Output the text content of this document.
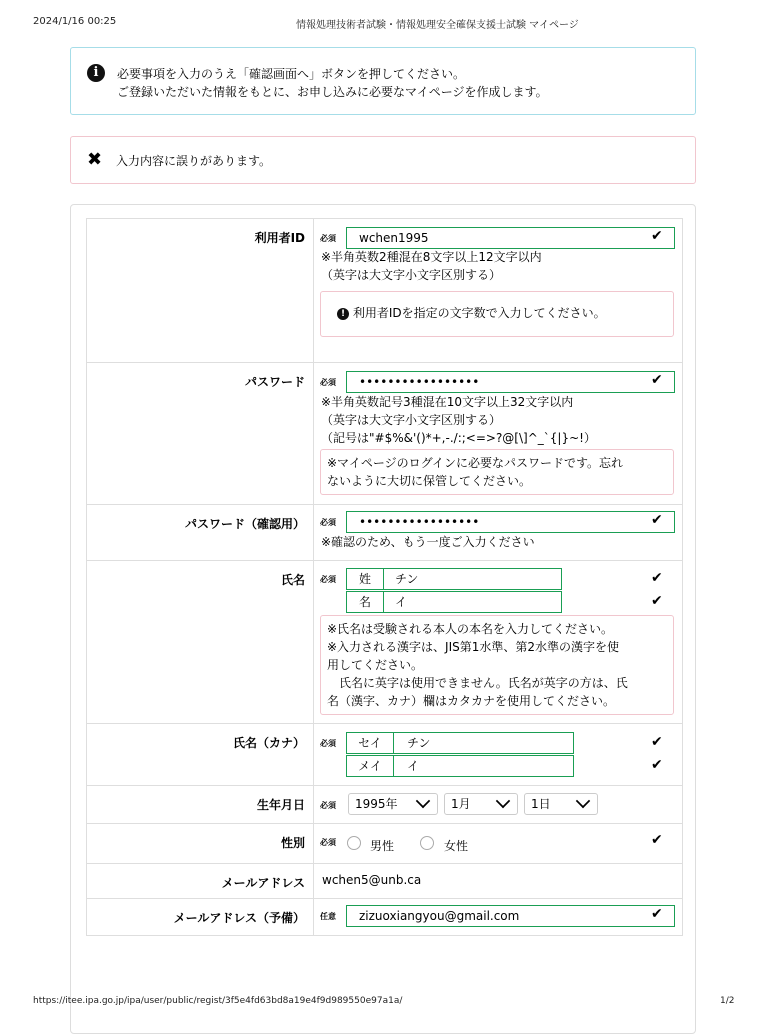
2024/1/16 00:25	情報処理技術者試験・情報処理安全確保支援士試験 マイページ
i	必要事項を入力のうえ「確認画面へ」ボタンを押してください。
ご登録いただいた情報をもとに、お申し込みに必要なマイページを作成します。
✖ 入力内容に誤りがあります。
利用者ID	必須	wchen1995	✔
※半角英数2種混在8文字以上12文字以内
（英字は大文字小文字区別する）
! 利用者IDを指定の文字数で入力してください。
パスワード	必須	•••••••••••••••••	✔
※半角英数記号3種混在10文字以上32文字以内
（英字は大文字小文字区別する）
（記号は"#$%&'()*+,-./:;<=>?@[\]^_`{|}~!）
※マイページのログインに必要なパスワードです。忘れ
ないように大切に保管してください。
パスワード（確認用）	必須	•••••••••••••••••	✔
※確認のため、もう一度ご入力ください
氏名	必須	姓	チン	✔
名	イ	✔
※氏名は受験される本人の本名を入力してください。
※入力される漢字は、JIS第1水準、第2水準の漢字を使
用してください。
　氏名に英字は使用できません。氏名が英字の方は、氏
名（漢字、カナ）欄はカタカナを使用してください。
氏名（カナ）	必須	セイ	チン	✔
メイ	イ	✔
生年月日	必須	1995年	1月	1日
性別	必須	男性	女性	✔
メールアドレス	wchen5@unb.ca
メールアドレス（予備）	任意	zizuoxiangyou@gmail.com	✔
https://itee.ipa.go.jp/ipa/user/public/regist/3f5e4fd63bd8a19e4f9d989550e97a1a/	1/2
